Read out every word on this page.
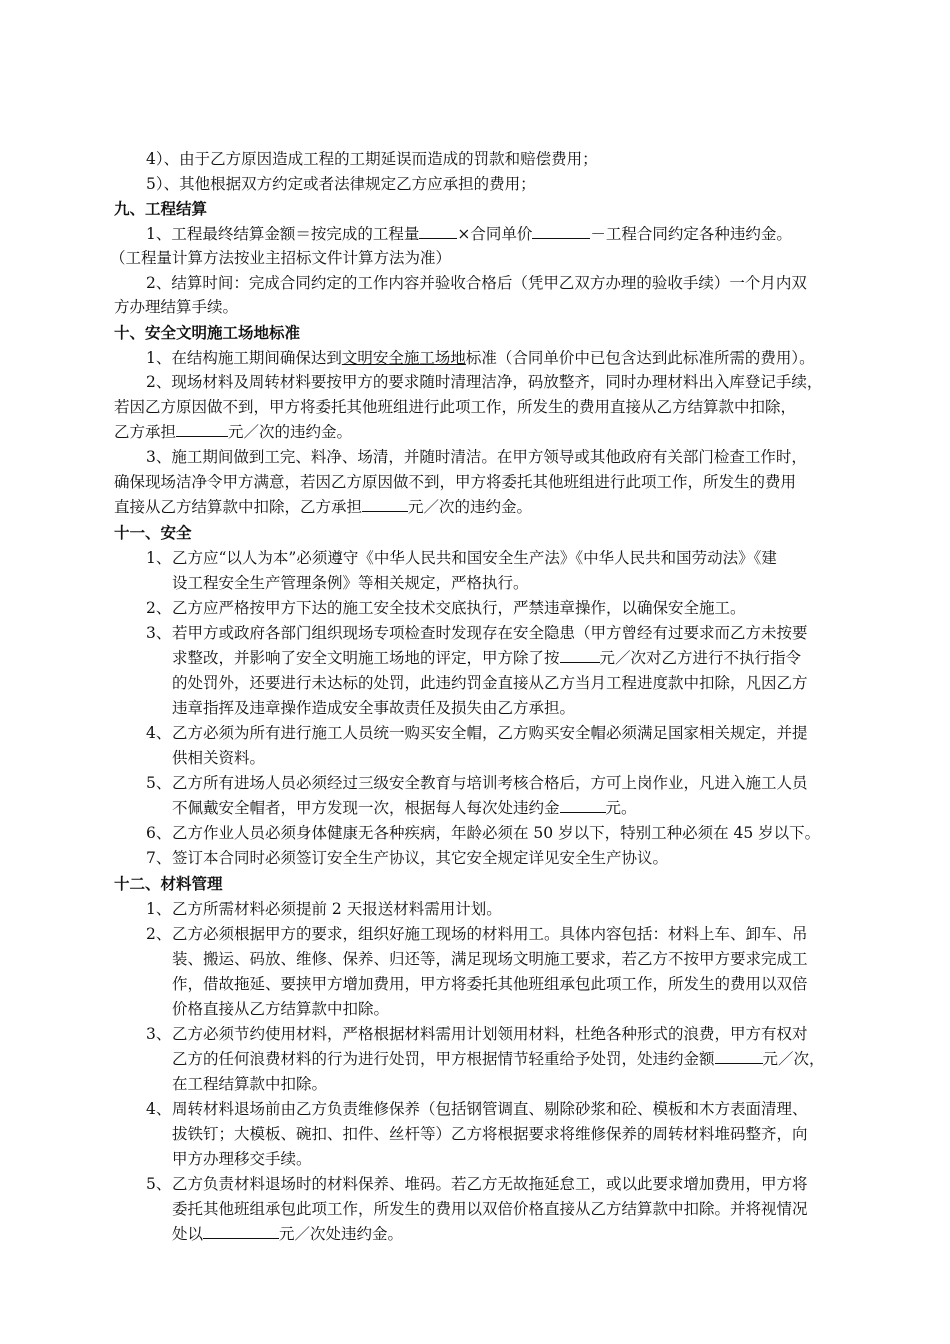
4）、由于乙方原因造成工程的工期延误而造成的罚款和赔偿费用；
5）、其他根据双方约定或者法律规定乙方应承担的费用；
九、工程结算
1、工程最终结算金额＝按完成的工程量 ×合同单价	－工程合同约定各种违约金。
（工程量计算方法按业主招标文件计算方法为准）
2、结算时间：完成合同约定的工作内容并验收合格后（凭甲乙双方办理的验收手续）一个月内双
方办理结算手续。
十、安全文明施工场地标准
1、在结构施工期间确保达到文明安全施工场地标准（合同单价中已包含达到此标准所需的费用）。
2、现场材料及周转材料要按甲方的要求随时清理洁净，码放整齐，同时办理材料出入库登记手续，
若因乙方原因做不到，甲方将委托其他班组进行此项工作，所发生的费用直接从乙方结算款中扣除，
乙方承担	元／次的违约金。
3、施工期间做到工完、料净、场清，并随时清洁。在甲方领导或其他政府有关部门检查工作时，
确保现场洁净令甲方满意，若因乙方原因做不到，甲方将委托其他班组进行此项工作，所发生的费用
直接从乙方结算款中扣除，乙方承担	元／次的违约金。
十一、安全
1、 乙方应“以人为本”必须遵守《中华人民共和国安全生产法》《中华人民共和国劳动法》《建
设工程安全生产管理条例》等相关规定，严格执行。
2、 乙方应严格按甲方下达的施工安全技术交底执行，严禁违章操作，以确保安全施工。
3、 若甲方或政府各部门组织现场专项检查时发现存在安全隐患（甲方曾经有过要求而乙方未按要
求整改，并影响了安全文明施工场地的评定，甲方除了按	元／次对乙方进行不执行指令
的处罚外，还要进行未达标的处罚，此违约罚金直接从乙方当月工程进度款中扣除，凡因乙方
违章指挥及违章操作造成安全事故责任及损失由乙方承担。
4、 乙方必须为所有进行施工人员统一购买安全帽，乙方购买安全帽必须满足国家相关规定，并提
供相关资料。
5、 乙方所有进场人员必须经过三级安全教育与培训考核合格后，方可上岗作业，凡进入施工人员
不佩戴安全帽者，甲方发现一次，根据每人每次处违约金	元。
6、 乙方作业人员必须身体健康无各种疾病，年龄必须在 50 岁以下，特别工种必须在 45 岁以下。
7、 签订本合同时必须签订安全生产协议，其它安全规定详见安全生产协议。
十二、材料管理
1、 乙方所需材料必须提前 2 天报送材料需用计划。
2、 乙方必须根据甲方的要求，组织好施工现场的材料用工。具体内容包括：材料上车、卸车、吊
装、搬运、码放、维修、保养、归还等，满足现场文明施工要求，若乙方不按甲方要求完成工
作，借故拖延、要挟甲方增加费用，甲方将委托其他班组承包此项工作，所发生的费用以双倍
价格直接从乙方结算款中扣除。
3、 乙方必须节约使用材料，严格根据材料需用计划领用材料，杜绝各种形式的浪费，甲方有权对
乙方的任何浪费材料的行为进行处罚，甲方根据情节轻重给予处罚，处违约金额	元／次，
在工程结算款中扣除。
4、 周转材料退场前由乙方负责维修保养（包括钢管调直、剔除砂浆和砼、模板和木方表面清理、
拔铁钉；大模板、碗扣、扣件、丝杆等）乙方将根据要求将维修保养的周转材料堆码整齐，向
甲方办理移交手续。
5、 乙方负责材料退场时的材料保养、堆码。若乙方无故拖延怠工，或以此要求增加费用，甲方将
委托其他班组承包此项工作，所发生的费用以双倍价格直接从乙方结算款中扣除。并将视情况
处以	元／次处违约金。
